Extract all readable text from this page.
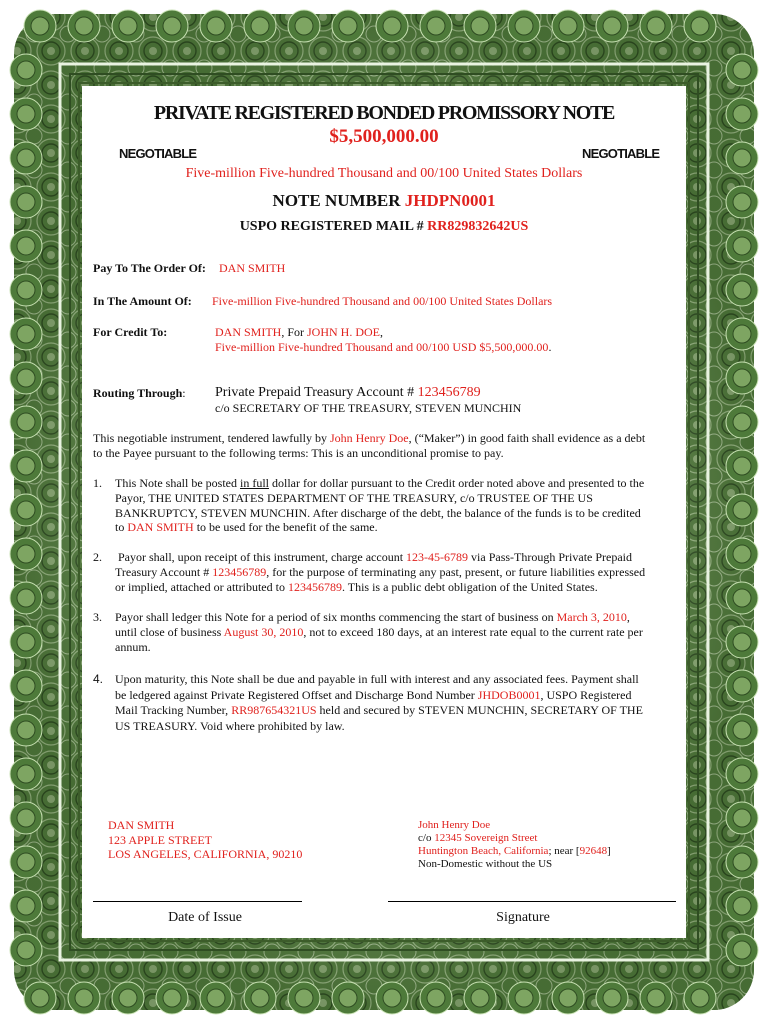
PRIVATE REGISTERED BONDED PROMISSORY NOTE
$5,500,000.00
NEGOTIABLE	NEGOTIABLE
Five-million Five-hundred Thousand and 00/100 United States Dollars
NOTE NUMBER JHDPN0001
USPO REGISTERED MAIL # RR829832642US
Pay To The Order Of: DAN SMITH
In The Amount Of: Five-million Five-hundred Thousand and 00/100 United States Dollars
For Credit To:	DAN SMITH, For JOHN H. DOE,
Five-million Five-hundred Thousand and 00/100 USD $5,500,000.00.
Routing Through: Private Prepaid Treasury Account # 123456789
c/o SECRETARY OF THE TREASURY, STEVEN MUNCHIN
This negotiable instrument, tendered lawfully by John Henry Doe, (“Maker”) in good faith shall evidence as a debt
to the Payee pursuant to the following terms: This is an unconditional promise to pay.
1. This Note shall be posted in full dollar for dollar pursuant to the Credit order noted above and presented to the
Payor, THE UNITED STATES DEPARTMENT OF THE TREASURY, c/o TRUSTEE OF THE US
BANKRUPTCY, STEVEN MUNCHIN. After discharge of the debt, the balance of the funds is to be credited
to DAN SMITH to be used for the benefit of the same.
2. Payor shall, upon receipt of this instrument, charge account 123-45-6789 via Pass-Through Private Prepaid
Treasury Account # 123456789, for the purpose of terminating any past, present, or future liabilities expressed
or implied, attached or attributed to 123456789. This is a public debt obligation of the United States.
3. Payor shall ledger this Note for a period of six months commencing the start of business on March 3, 2010,
until close of business August 30, 2010, not to exceed 180 days, at an interest rate equal to the current rate per
annum.
4. Upon maturity, this Note shall be due and payable in full with interest and any associated fees. Payment shall
be ledgered against Private Registered Offset and Discharge Bond Number JHDOB0001, USPO Registered
Mail Tracking Number, RR987654321US held and secured by STEVEN MUNCHIN, SECRETARY OF THE
US TREASURY. Void where prohibited by law.
DAN SMITH
123 APPLE STREET
LOS ANGELES, CALIFORNIA, 90210
John Henry Doe
c/o 12345 Sovereign Street
Huntington Beach, California; near [92648]
Non-Domestic without the US
Date of Issue	Signature
